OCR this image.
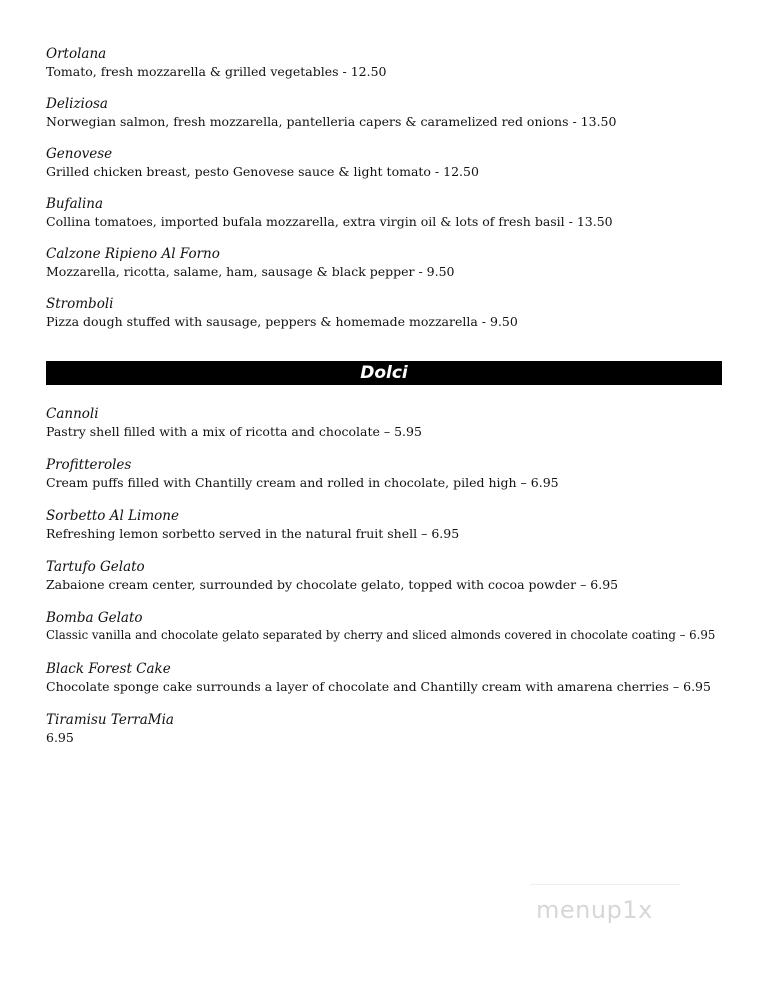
Ortolana

Tomato, fresh mozzarella & grilled vegetables - 12.50

Deliziosa

Norwegian salmon, fresh mozzarella, pantelleria capers & caramelized red onions - 13.50

Genovese

Grilled chicken breast, pesto Genovese sauce & light tomato - 12.50

Bufalina

Collina tomatoes, imported bufala mozzarella, extra virgin oil & lots of fresh basil - 13.50

Calzone Ripieno Al Forno

Mozzarella, ricotta, salame, ham, sausage & black pepper - 9.50

Stromboli

Pizza dough stuffed with sausage, peppers & homemade mozzarella - 9.50

Dolci

Cannoli

Pastry shell filled with a mix of ricotta and chocolate – 5.95

Profitteroles

Cream puffs filled with Chantilly cream and rolled in chocolate, piled high – 6.95

Sorbetto Al Limone

Refreshing lemon sorbetto served in the natural fruit shell – 6.95

Tartufo Gelato

Zabaione cream center, surrounded by chocolate gelato, topped with cocoa powder – 6.95

Bomba Gelato

Classic vanilla and chocolate gelato separated by cherry and sliced almonds covered in chocolate coating – 6.95

Black Forest Cake

Chocolate sponge cake surrounds a layer of chocolate and Chantilly cream with amarena cherries – 6.95

Tiramisu TerraMia

6.95

menup1x
